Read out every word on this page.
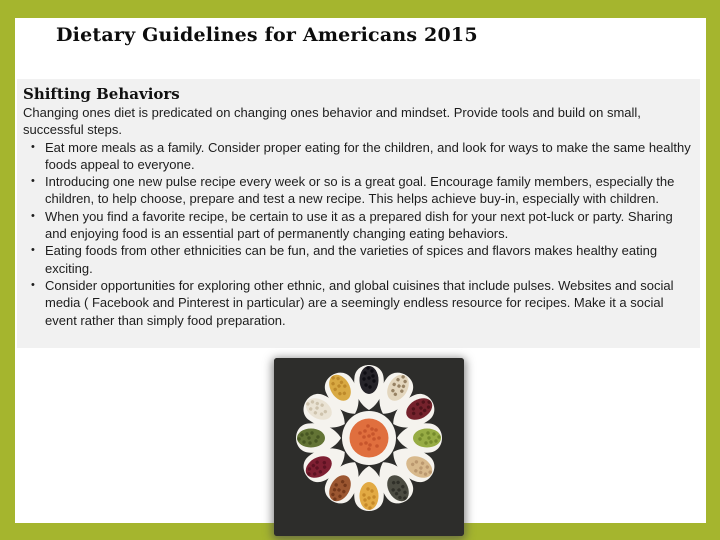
Dietary Guidelines for Americans 2015
Shifting Behaviors

Changing ones diet is predicated on changing ones behavior and mindset. Provide tools and build on small, successful steps.

• Eat more meals as a family. Consider proper eating for the children, and look for ways to make the same healthy foods appeal to everyone.
• Introducing one new pulse recipe every week or so is a great goal. Encourage family members, especially the children, to help choose, prepare and test a new recipe. This helps achieve buy-in, especially with children.
• When you find a favorite recipe, be certain to use it as a prepared dish for your next pot-luck or party. Sharing and enjoying food is an essential part of permanently changing eating behaviors.
• Eating foods from other ethnicities can be fun, and the varieties of spices and flavors makes healthy eating exciting.
• Consider opportunities for exploring other ethnic, and global cuisines that include pulses. Websites and social media ( Facebook and Pinterest in particular) are a seemingly endless resource for recipes. Make it a social event rather than simply food preparation.
